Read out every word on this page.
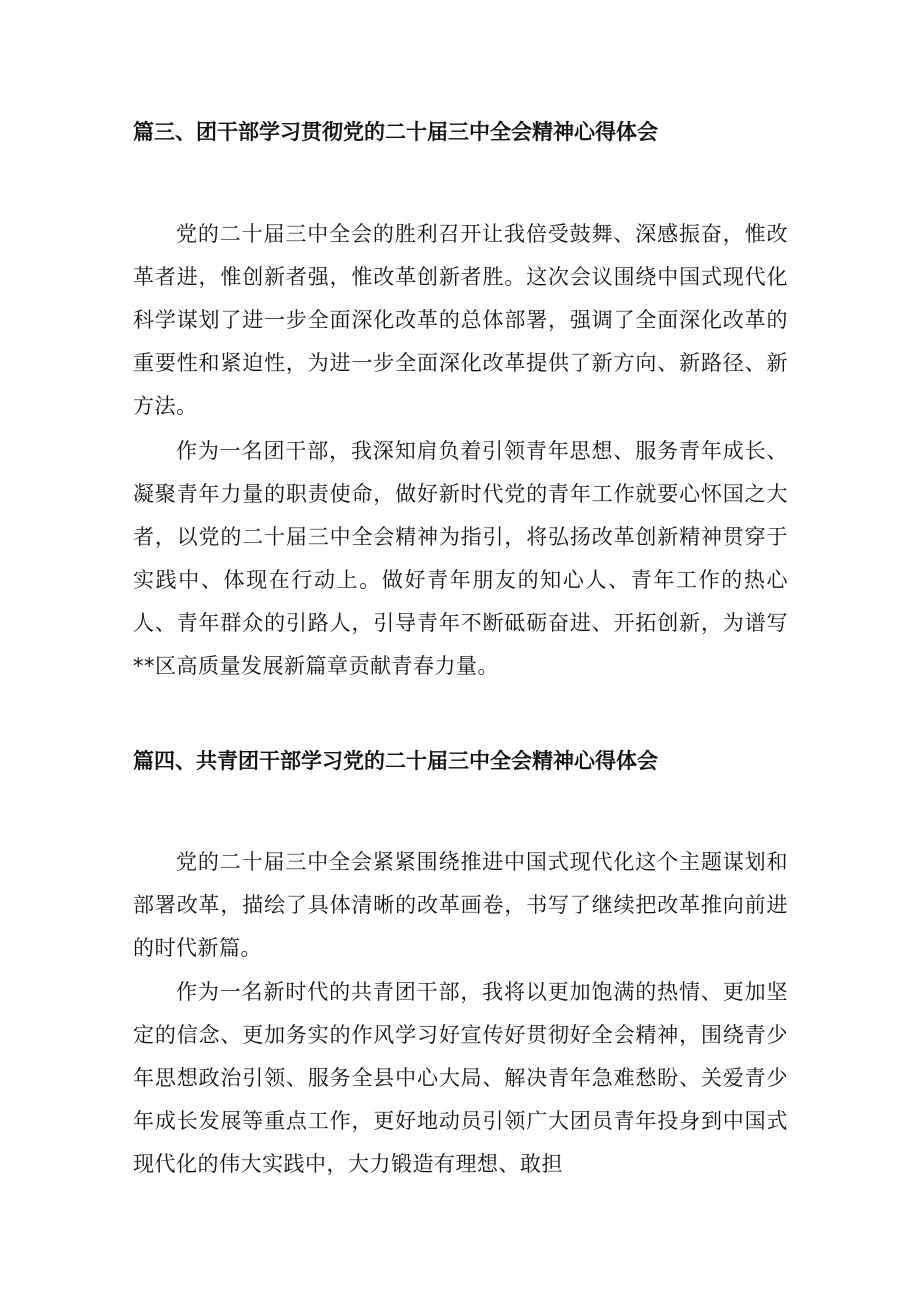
篇三、团干部学习贯彻党的二十届三中全会精神心得体会

党的二十届三中全会的胜利召开让我倍受鼓舞、深感振奋，惟改革者进，惟创新者强，惟改革创新者胜。这次会议围绕中国式现代化科学谋划了进一步全面深化改革的总体部署，强调了全面深化改革的重要性和紧迫性，为进一步全面深化改革提供了新方向、新路径、新方法。

作为一名团干部，我深知肩负着引领青年思想、服务青年成长、凝聚青年力量的职责使命，做好新时代党的青年工作就要心怀国之大者，以党的二十届三中全会精神为指引，将弘扬改革创新精神贯穿于实践中、体现在行动上。做好青年朋友的知心人、青年工作的热心人、青年群众的引路人，引导青年不断砥砺奋进、开拓创新，为谱写**区高质量发展新篇章贡献青春力量。

篇四、共青团干部学习党的二十届三中全会精神心得体会

党的二十届三中全会紧紧围绕推进中国式现代化这个主题谋划和部署改革，描绘了具体清晰的改革画卷，书写了继续把改革推向前进的时代新篇。

作为一名新时代的共青团干部，我将以更加饱满的热情、更加坚定的信念、更加务实的作风学习好宣传好贯彻好全会精神，围绕青少年思想政治引领、服务全县中心大局、解决青年急难愁盼、关爱青少年成长发展等重点工作，更好地动员引领广大团员青年投身到中国式现代化的伟大实践中，大力锻造有理想、敢担
